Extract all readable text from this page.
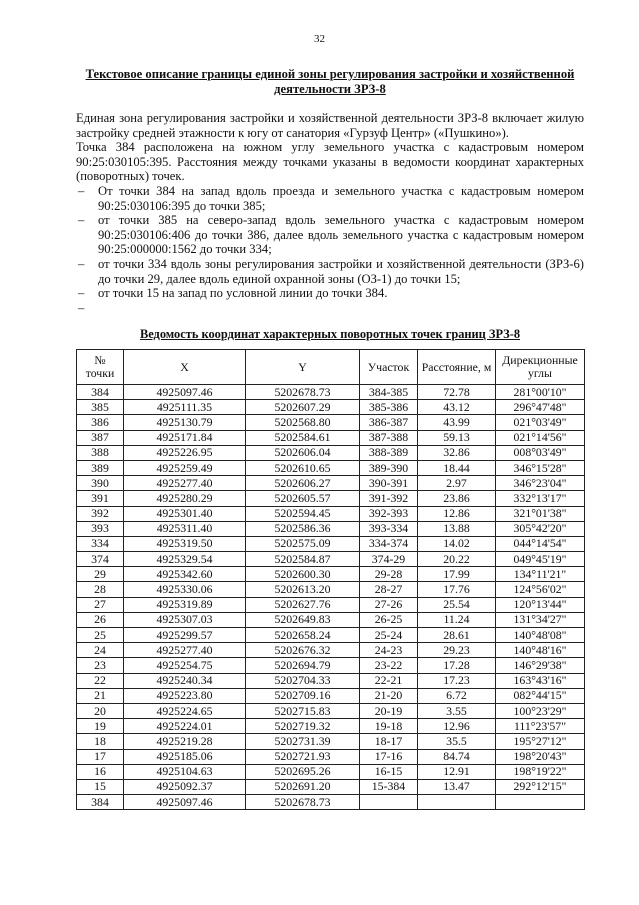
32
Текстовое описание границы единой зоны регулирования застройки и хозяйственной деятельности ЗРЗ-8

Единая зона регулирования застройки и хозяйственной деятельности ЗРЗ-8 включает жилую застройку средней этажности к югу от санатория «Гурзуф Центр» («Пушкино»).

Точка 384 расположена на южном углу земельного участка с кадастровым номером 90:25:030105:395. Расстояния между точками указаны в ведомости координат характерных (поворотных) точек.

– От точки 384 на запад вдоль проезда и земельного участка с кадастровым номером 90:25:030106:395 до точки 385;
– от точки 385 на северо-запад вдоль земельного участка с кадастровым номером 90:25:030106:406 до точки 386, далее вдоль земельного участка с кадастровым номером 90:25:000000:1562 до точки 334;
– от точки 334 вдоль зоны регулирования застройки и хозяйственной деятельности (ЗРЗ-6) до точки 29, далее вдоль единой охранной зоны (ОЗ-1) до точки 15;
– от точки 15 на запад по условной линии до точки 384.
–
Ведомость координат характерных поворотных точек границ ЗРЗ-8
№ точки	X	Y	Участок	Расстояние, м	Дирекционные углы
384	4925097.46	5202678.73	384-385	72.78	281°00'10"
385	4925111.35	5202607.29	385-386	43.12	296°47'48"
386	4925130.79	5202568.80	386-387	43.99	021°03'49"
387	4925171.84	5202584.61	387-388	59.13	021°14'56"
388	4925226.95	5202606.04	388-389	32.86	008°03'49"
389	4925259.49	5202610.65	389-390	18.44	346°15'28"
390	4925277.40	5202606.27	390-391	2.97	346°23'04"
391	4925280.29	5202605.57	391-392	23.86	332°13'17"
392	4925301.40	5202594.45	392-393	12.86	321°01'38"
393	4925311.40	5202586.36	393-334	13.88	305°42'20"
334	4925319.50	5202575.09	334-374	14.02	044°14'54"
374	4925329.54	5202584.87	374-29	20.22	049°45'19"
29	4925342.60	5202600.30	29-28	17.99	134°11'21"
28	4925330.06	5202613.20	28-27	17.76	124°56'02"
27	4925319.89	5202627.76	27-26	25.54	120°13'44"
26	4925307.03	5202649.83	26-25	11.24	131°34'27"
25	4925299.57	5202658.24	25-24	28.61	140°48'08"
24	4925277.40	5202676.32	24-23	29.23	140°48'16"
23	4925254.75	5202694.79	23-22	17.28	146°29'38"
22	4925240.34	5202704.33	22-21	17.23	163°43'16"
21	4925223.80	5202709.16	21-20	6.72	082°44'15"
20	4925224.65	5202715.83	20-19	3.55	100°23'29"
19	4925224.01	5202719.32	19-18	12.96	111°23'57"
18	4925219.28	5202731.39	18-17	35.5	195°27'12"
17	4925185.06	5202721.93	17-16	84.74	198°20'43"
16	4925104.63	5202695.26	16-15	12.91	198°19'22"
15	4925092.37	5202691.20	15-384	13.47	292°12'15"
384	4925097.46	5202678.73			
